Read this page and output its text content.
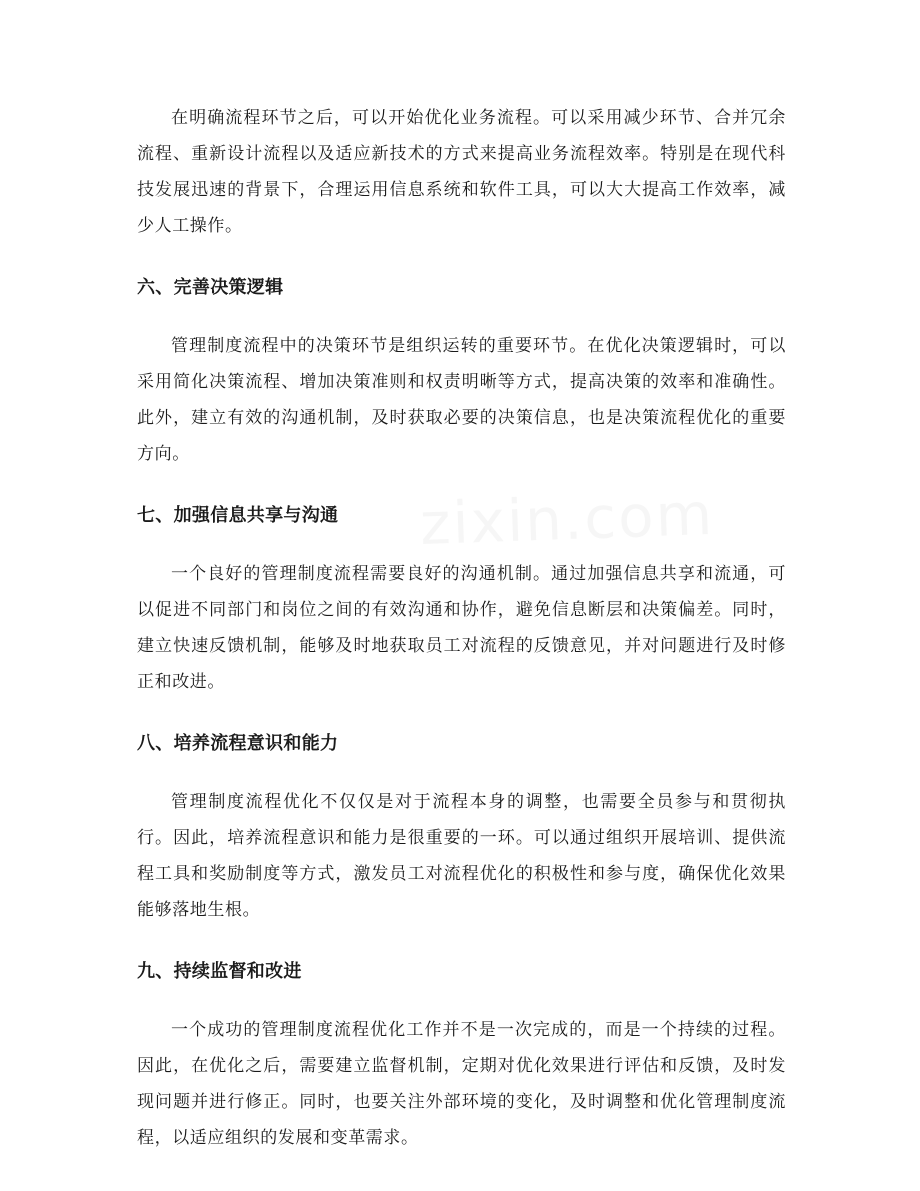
在明确流程环节之后，可以开始优化业务流程。可以采用减少环节、合并冗余流程、重新设计流程以及适应新技术的方式来提高业务流程效率。特别是在现代科技发展迅速的背景下，合理运用信息系统和软件工具，可以大大提高工作效率，减少人工操作。

六、完善决策逻辑

管理制度流程中的决策环节是组织运转的重要环节。在优化决策逻辑时，可以采用简化决策流程、增加决策准则和权责明晰等方式，提高决策的效率和准确性。此外，建立有效的沟通机制，及时获取必要的决策信息，也是决策流程优化的重要方向。

七、加强信息共享与沟通

一个良好的管理制度流程需要良好的沟通机制。通过加强信息共享和流通，可以促进不同部门和岗位之间的有效沟通和协作，避免信息断层和决策偏差。同时，建立快速反馈机制，能够及时地获取员工对流程的反馈意见，并对问题进行及时修正和改进。

八、培养流程意识和能力

管理制度流程优化不仅仅是对于流程本身的调整，也需要全员参与和贯彻执行。因此，培养流程意识和能力是很重要的一环。可以通过组织开展培训、提供流程工具和奖励制度等方式，激发员工对流程优化的积极性和参与度，确保优化效果能够落地生根。

九、持续监督和改进

一个成功的管理制度流程优化工作并不是一次完成的，而是一个持续的过程。因此，在优化之后，需要建立监督机制，定期对优化效果进行评估和反馈，及时发现问题并进行修正。同时，也要关注外部环境的变化，及时调整和优化管理制度流程，以适应组织的发展和变革需求。
